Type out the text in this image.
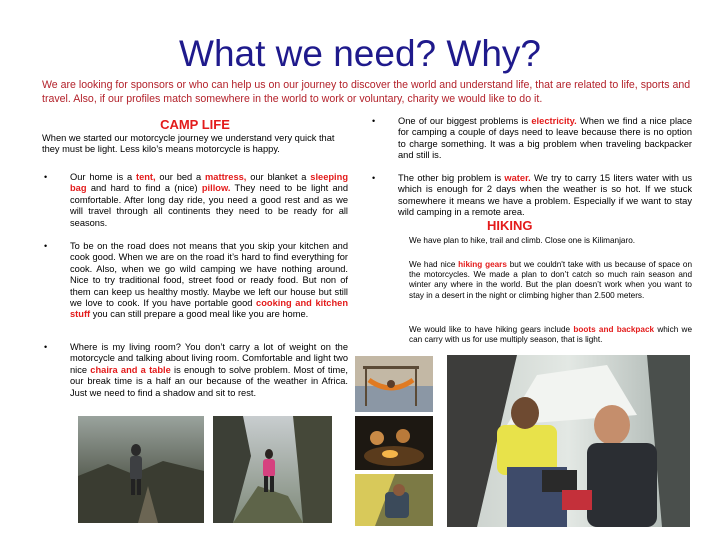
What we need? Why?
We are looking for sponsors or who can help us on our journey to discover the world and understand life, that are related to life, sports and travel. Also, if our profiles match somewhere in the world to work or voluntary, charity we would like to do it.
CAMP LIFE
When we started our motorcycle journey we understand very quick that they must be light. Less kilo’s means motorcycle is happy.
• Our home is a tent, our bed a mattress, our blanket a sleeping bag and hard to find a (nice) pillow. They need to be light and comfortable. After long day ride, you need a good rest and as we will travel through all continents they need to be ready for all seasons.
• To be on the road does not means that you skip your kitchen and cook good. When we are on the road it’s hard to find everything for cook. Also, when we go wild camping we have nothing around. Nice to try traditional food, street food or ready food. But non of them can keep us healthy mostly. Maybe we left our house but still we love to cook. If you have portable good cooking and kitchen stuff you can still prepare a good meal like you are home.
• Where is my living room? You don’t carry a lot of weight on the motorcycle and talking about living room. Comfortable and light two nice chaira and a table is enough to solve problem. Most of time, our break time is a half an our because of the weather in Africa. Just we need to find a shadow and sit to rest.
• One of our biggest problems is electricity. When we find a nice place for camping a couple of days need to leave because there is no option to charge something. It was a big problem when traveling backpacker and still is.
• The other big problem is water. We try to carry 15 liters water with us which is enough for 2 days when the weather is so hot. If we stuck somewhere it means we have a problem. Especially if we want to stay wild camping in a remote area.
HIKING
We have plan to hike, trail and climb. Close one is Kilimanjaro.
We had nice hiking gears but we couldn't take with us because of space on the motorcycles. We made a plan to don’t catch so much rain season and winter any where in the world. But the plan doesn’t work when you want to stay in a desert in the night or climbing higher than 2.500 meters.
We would like to have hiking gears include boots and backpack which we can carry with us for use multiply season, that is light.
